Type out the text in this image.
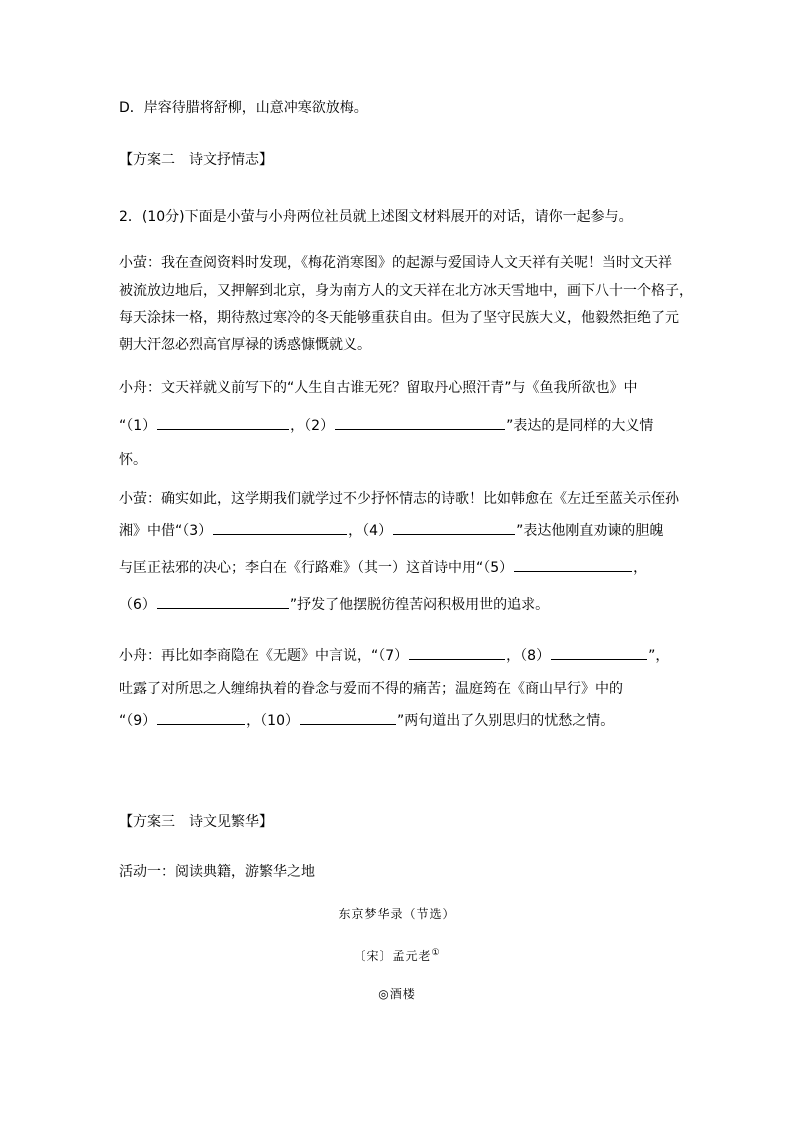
D．岸容待腊将舒柳，山意冲寒欲放梅。
【方案二　诗文抒情志】
2．(10分)下面是小萤与小舟两位社员就上述图文材料展开的对话，请你一起参与。
小萤：我在查阅资料时发现，《梅花消寒图》的起源与爱国诗人文天祥有关呢！当时文天祥
被流放边地后，又押解到北京，身为南方人的文天祥在北方冰天雪地中，画下八十一个格子，
每天涂抹一格，期待熬过寒冷的冬天能够重获自由。但为了坚守民族大义，他毅然拒绝了元
朝大汗忽必烈高官厚禄的诱惑慷慨就义。
小舟：文天祥就义前写下的“人生自古谁无死？留取丹心照汗青”与《鱼我所欲也》中
“（1）	，（2）	”表达的是同样的大义情
怀。
小萤：确实如此，这学期我们就学过不少抒怀情志的诗歌！比如韩愈在《左迁至蓝关示侄孙
湘》中借“（3）	，（4）	”表达他刚直劝谏的胆魄
与匡正祛邪的决心；李白在《行路难》（其一）这首诗中用“（5）	，
（6）	”抒发了他摆脱彷徨苦闷积极用世的追求。
小舟：再比如李商隐在《无题》中言说，“（7）	，（8）	”，
吐露了对所思之人缠绵执着的眷念与爱而不得的痛苦；温庭筠在《商山早行》中的
“（9）	，（10）	”两句道出了久别思归的忧愁之情。
【方案三　诗文见繁华】
活动一：阅读典籍，游繁华之地
东京梦华录（节选）
〔宋〕孟元老①
◎酒楼
